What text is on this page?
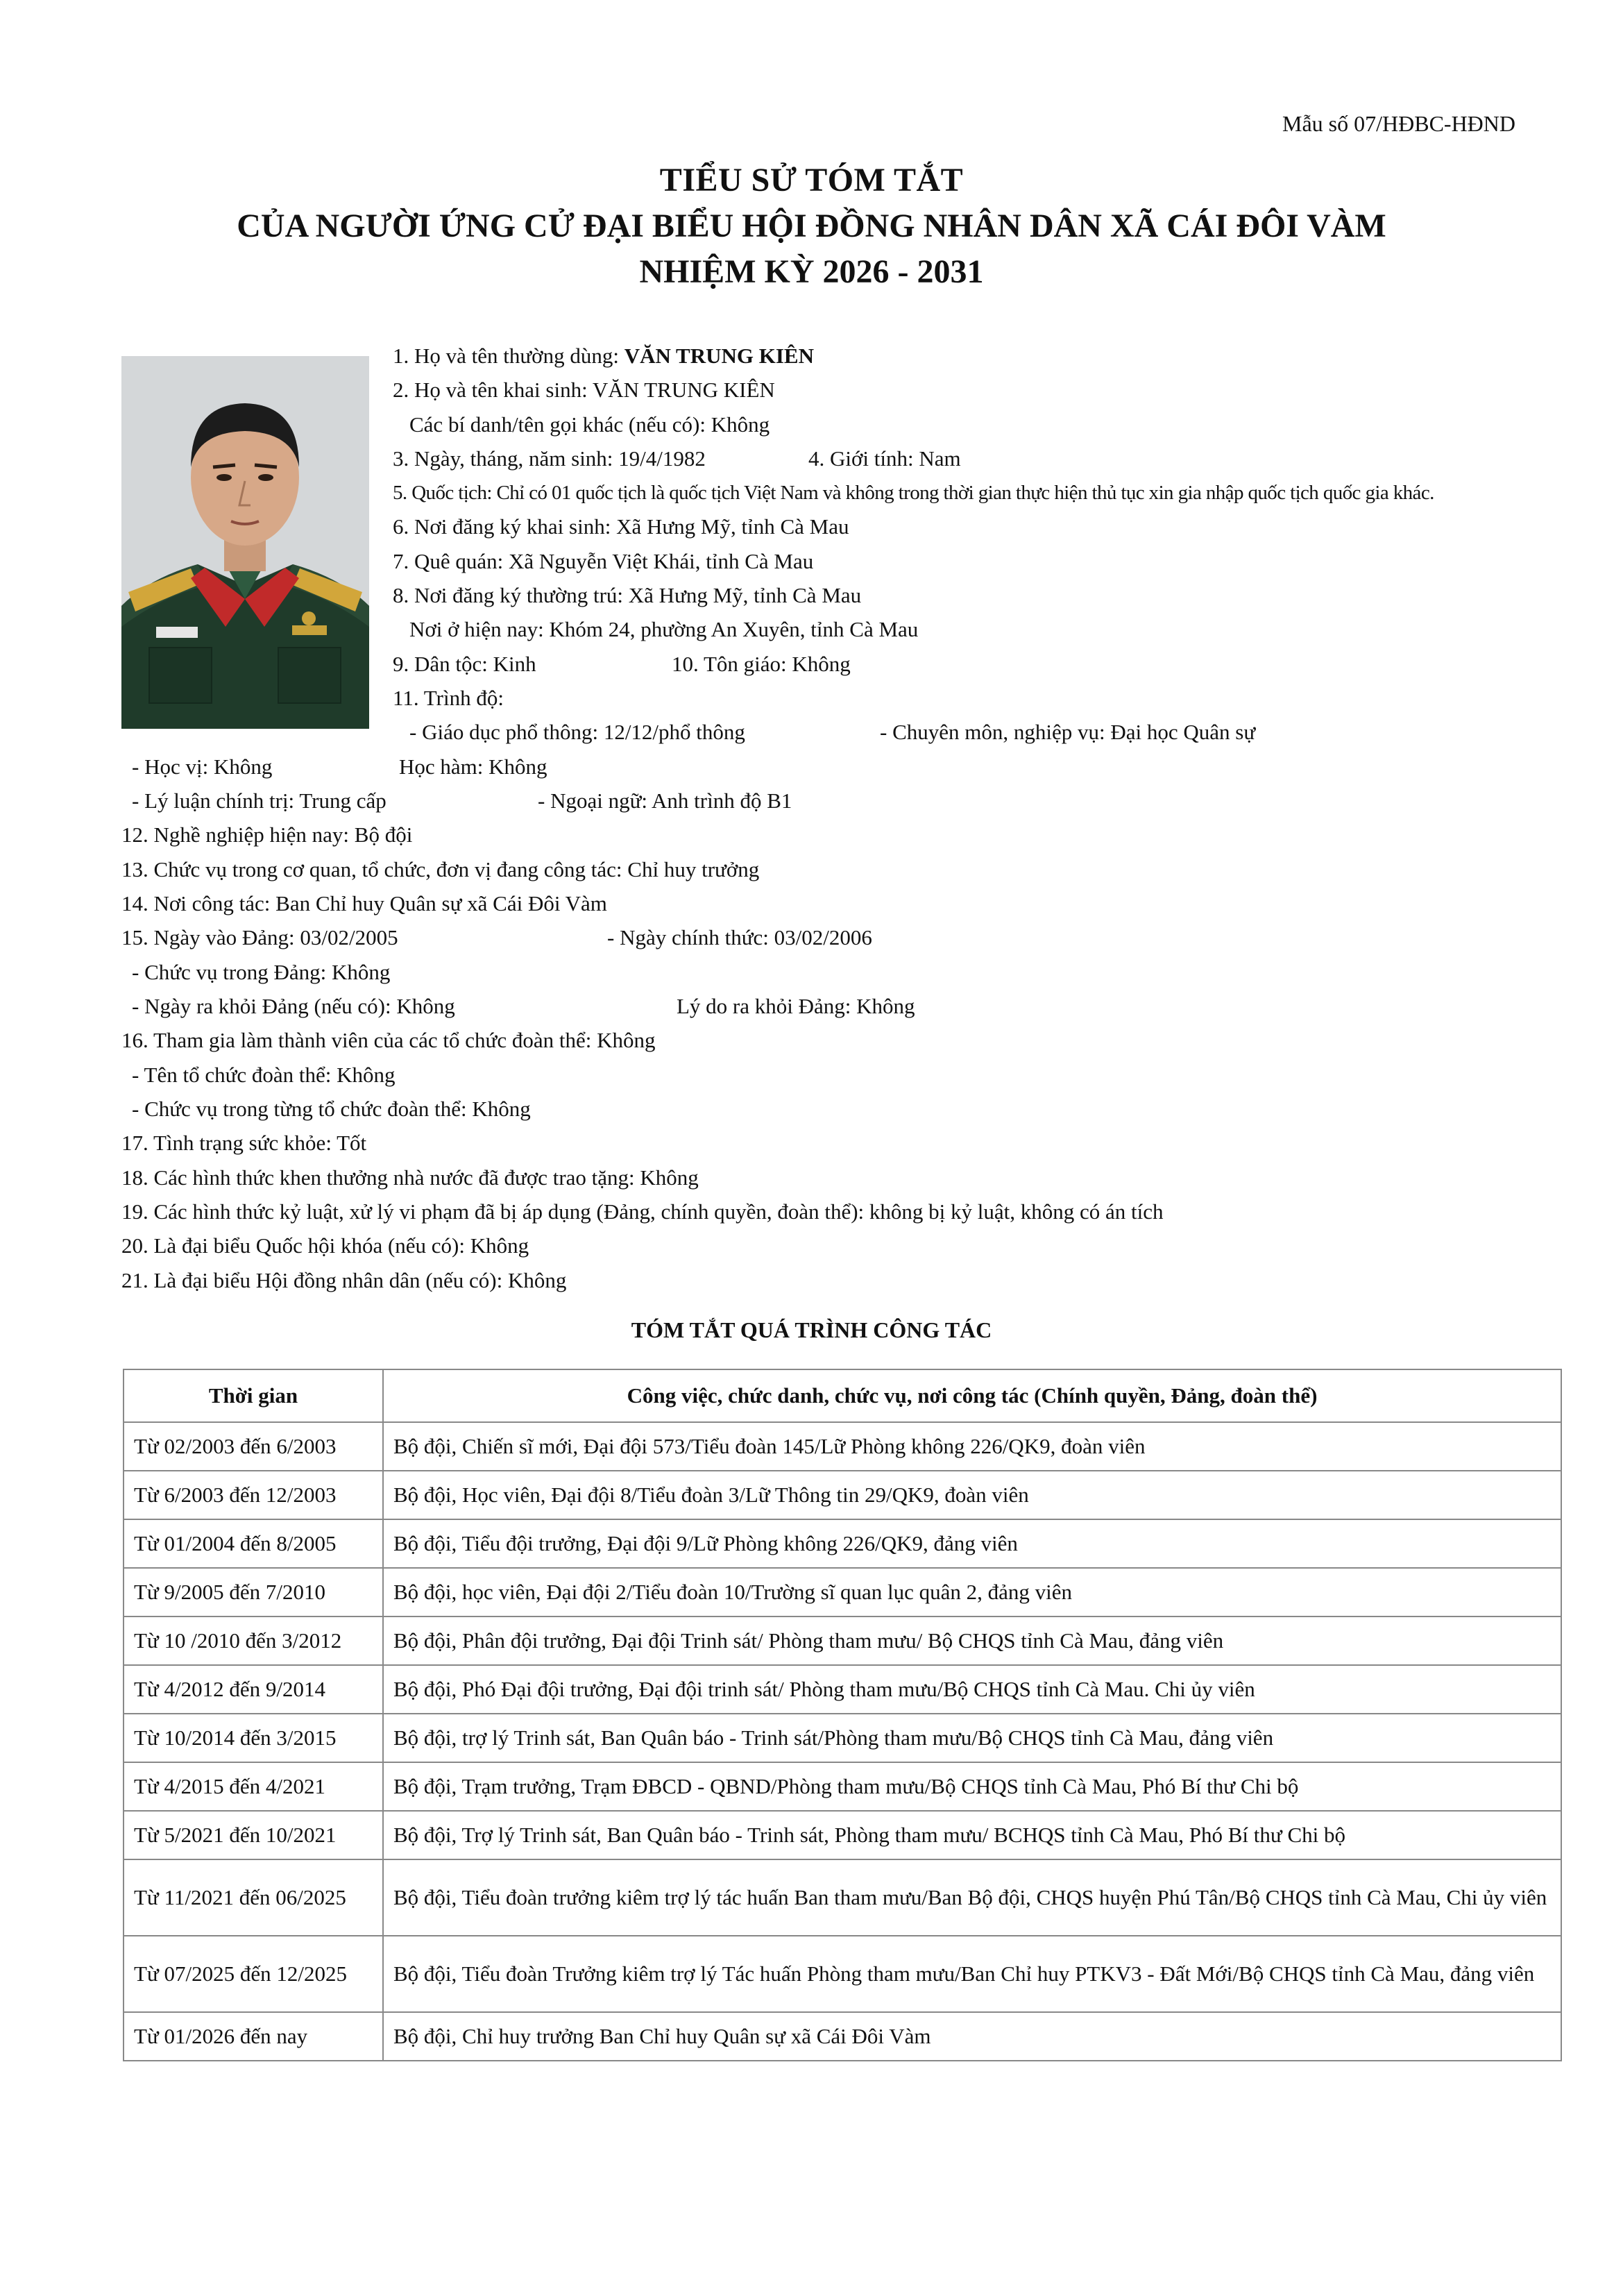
Mẫu số 07/HĐBC-HĐND
TIỂU SỬ TÓM TẮT
CỦA NGƯỜI ỨNG CỬ ĐẠI BIỂU HỘI ĐỒNG NHÂN DÂN XÃ CÁI ĐÔI VÀM
NHIỆM KỲ 2026 - 2031
1. Họ và tên thường dùng: VĂN TRUNG KIÊN
2. Họ và tên khai sinh: VĂN TRUNG KIÊN
Các bí danh/tên gọi khác (nếu có): Không
3. Ngày, tháng, năm sinh: 19/4/1982	4. Giới tính: Nam
5. Quốc tịch: Chỉ có 01 quốc tịch là quốc tịch Việt Nam và không trong thời gian thực hiện thủ tục xin gia nhập quốc tịch quốc gia khác.
6. Nơi đăng ký khai sinh: Xã Hưng Mỹ, tỉnh Cà Mau
7. Quê quán: Xã Nguyễn Việt Khái, tỉnh Cà Mau
8. Nơi đăng ký thường trú: Xã Hưng Mỹ, tỉnh Cà Mau
Nơi ở hiện nay: Khóm 24, phường An Xuyên, tỉnh Cà Mau
9. Dân tộc: Kinh	10. Tôn giáo: Không
11. Trình độ:
- Giáo dục phổ thông: 12/12/phổ thông	- Chuyên môn, nghiệp vụ: Đại học Quân sự
- Học vị: Không	Học hàm: Không
- Lý luận chính trị: Trung cấp	- Ngoại ngữ: Anh trình độ B1
12. Nghề nghiệp hiện nay: Bộ đội
13. Chức vụ trong cơ quan, tổ chức, đơn vị đang công tác: Chỉ huy trưởng
14. Nơi công tác: Ban Chỉ huy Quân sự xã Cái Đôi Vàm
15. Ngày vào Đảng: 03/02/2005	- Ngày chính thức: 03/02/2006
- Chức vụ trong Đảng: Không
- Ngày ra khỏi Đảng (nếu có): Không	Lý do ra khỏi Đảng: Không
16. Tham gia làm thành viên của các tổ chức đoàn thể: Không
- Tên tổ chức đoàn thể: Không
- Chức vụ trong từng tổ chức đoàn thể: Không
17. Tình trạng sức khỏe: Tốt
18. Các hình thức khen thưởng nhà nước đã được trao tặng: Không
19. Các hình thức kỷ luật, xử lý vi phạm đã bị áp dụng (Đảng, chính quyền, đoàn thể): không bị kỷ luật, không có án tích
20. Là đại biểu Quốc hội khóa (nếu có): Không
21. Là đại biểu Hội đồng nhân dân (nếu có): Không
TÓM TẮT QUÁ TRÌNH CÔNG TÁC
Thời gian	Công việc, chức danh, chức vụ, nơi công tác (Chính quyền, Đảng, đoàn thể)
Từ 02/2003 đến 6/2003	Bộ đội, Chiến sĩ mới, Đại đội 573/Tiểu đoàn 145/Lữ Phòng không 226/QK9, đoàn viên
Từ 6/2003 đến 12/2003	Bộ đội, Học viên, Đại đội 8/Tiểu đoàn 3/Lữ Thông tin 29/QK9, đoàn viên
Từ 01/2004 đến 8/2005	Bộ đội, Tiểu đội trưởng, Đại đội 9/Lữ Phòng không 226/QK9, đảng viên
Từ 9/2005 đến 7/2010	Bộ đội, học viên, Đại đội 2/Tiểu đoàn 10/Trường sĩ quan lục quân 2, đảng viên
Từ 10 /2010 đến 3/2012	Bộ đội, Phân đội trưởng, Đại đội Trinh sát/ Phòng tham mưu/ Bộ CHQS tỉnh Cà Mau, đảng viên
Từ 4/2012 đến 9/2014	Bộ đội, Phó Đại đội trưởng, Đại đội trinh sát/ Phòng tham mưu/Bộ CHQS tỉnh Cà Mau. Chi ủy viên
Từ 10/2014 đến 3/2015	Bộ đội, trợ lý Trinh sát, Ban Quân báo - Trinh sát/Phòng tham mưu/Bộ CHQS tỉnh Cà Mau, đảng viên
Từ 4/2015 đến 4/2021	Bộ đội, Trạm trưởng, Trạm ĐBCD - QBND/Phòng tham mưu/Bộ CHQS tỉnh Cà Mau, Phó Bí thư Chi bộ
Từ 5/2021 đến 10/2021	Bộ đội, Trợ lý Trinh sát, Ban Quân báo - Trinh sát, Phòng tham mưu/ BCHQS tỉnh Cà Mau, Phó Bí thư Chi bộ
Từ 11/2021 đến 06/2025	Bộ đội, Tiểu đoàn trưởng kiêm trợ lý tác huấn Ban tham mưu/Ban Bộ đội, CHQS huyện Phú Tân/Bộ CHQS tỉnh Cà Mau, Chi ủy viên
Từ 07/2025 đến 12/2025	Bộ đội, Tiểu đoàn Trưởng kiêm trợ lý Tác huấn Phòng tham mưu/Ban Chỉ huy PTKV3 - Đất Mới/Bộ CHQS tỉnh Cà Mau, đảng viên
Từ 01/2026 đến nay	Bộ đội, Chỉ huy trưởng Ban Chỉ huy Quân sự xã Cái Đôi Vàm
